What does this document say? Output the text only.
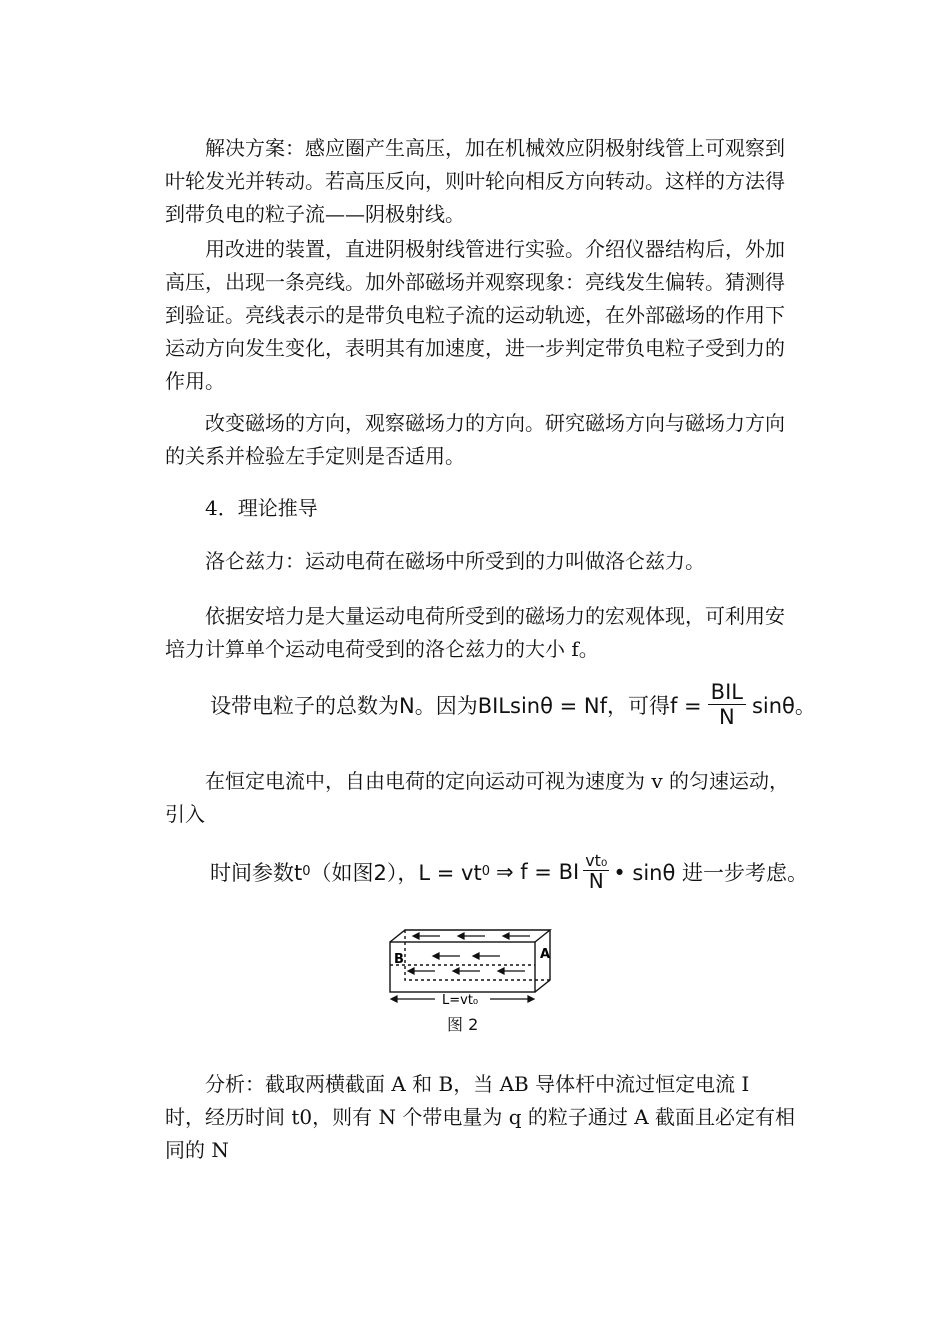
解决方案：感应圈产生高压，加在机械效应阴极射线管上可观察到叶轮发光并转动。若高压反向，则叶轮向相反方向转动。这样的方法得到带负电的粒子流——阴极射线。

用改进的装置，直进阴极射线管进行实验。介绍仪器结构后，外加高压，出现一条亮线。加外部磁场并观察现象：亮线发生偏转。猜测得到验证。亮线表示的是带负电粒子流的运动轨迹，在外部磁场的作用下运动方向发生变化，表明其有加速度，进一步判定带负电粒子受到力的作用。

改变磁场的方向，观察磁场力的方向。研究磁场方向与磁场力方向的关系并检验左手定则是否适用。

4．理论推导

洛仑兹力：运动电荷在磁场中所受到的力叫做洛仑兹力。

依据安培力是大量运动电荷所受到的磁场力的宏观体现，可利用安培力计算单个运动电荷受到的洛仑兹力的大小 f。

设带电粒子的总数为N。因为BILsinθ = Nf，可得$f = \frac{\text{BIL}}{N}$ sinθ。

在恒定电流中，自由电荷的定向运动可视为速度为 v 的匀速运动，引入

时间参数t 0 （如图2），L = vt 0 ⇒ f = BI $\frac{\text{vt₀}}{N}$ • sinθ 进一步考虑。
B	A
L=vt₀
图 2

分析：截取两横截面 A 和 B，当 AB 导体杆中流过恒定电流 I 时，经历时间 t0，则有 N 个带电量为 q 的粒子通过 A 截面且必定有相同的 N
